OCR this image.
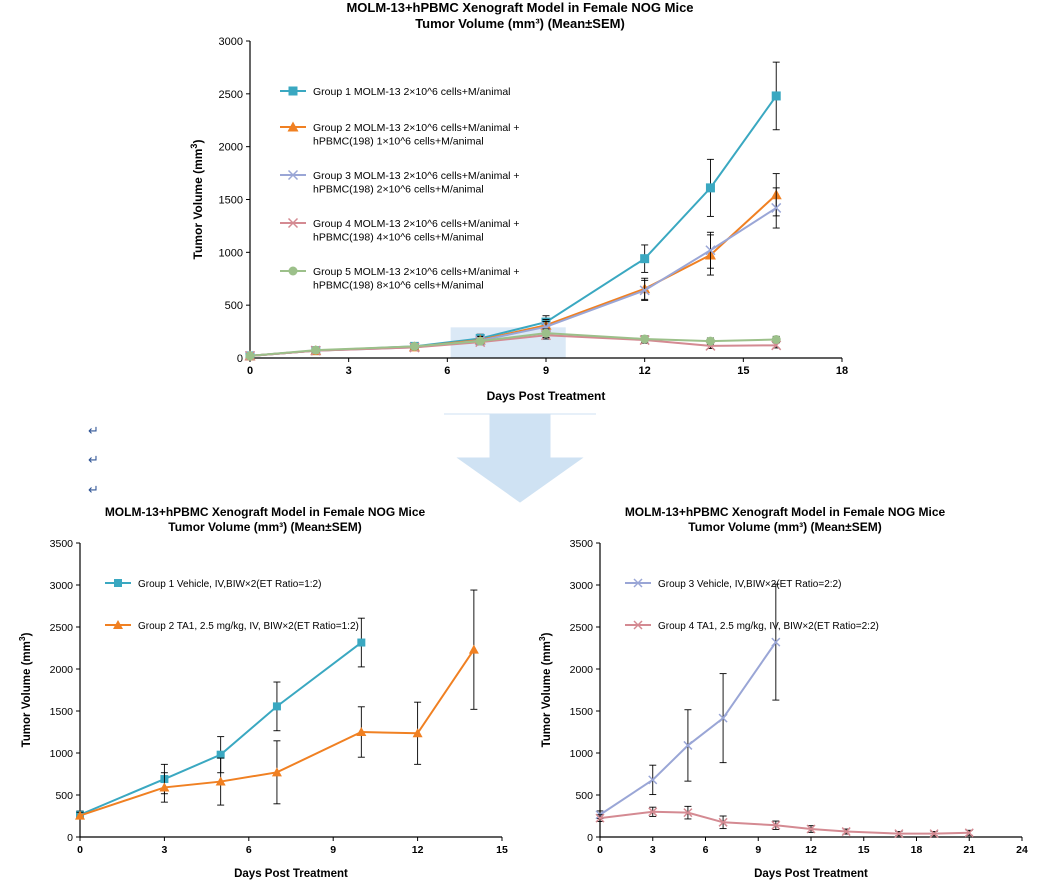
↵
↵
↵
MOLM-13+hPBMC Xenograft Model in Female NOG Mice
Tumor Volume (mm³) (Mean±SEM)
0
500
1000
1500
2000
2500
3000
0	3	6	9	12	15	18
Days Post Treatment
Tumor Volume $(mm^3)$
Group 1 MOLM-13 2×10^6 cells+M/animal
Group 2 MOLM-13 2×10^6 cells+M/animal + hPBMC(198) 1×10^6 cells+M/animal
Group 3 MOLM-13 2×10^6 cells+M/animal + hPBMC(198) 2×10^6 cells+M/animal
Group 4 MOLM-13 2×10^6 cells+M/animal + hPBMC(198) 4×10^6 cells+M/animal
Group 5 MOLM-13 2×10^6 cells+M/animal + hPBMC(198) 8×10^6 cells+M/animal
MOLM-13+hPBMC Xenograft Model in Female NOG Mice
Tumor Volume (mm³) (Mean±SEM)
0
500
1000
1500
2000
2500
3000
3500
0	3	6	9	12	15
Days Post Treatment
Tumor Volume $(mm^3)$
Group 1 Vehicle, IV,BIW×2(ET Ratio=1:2)
Group 2 TA1, 2.5 mg/kg, IV, BIW×2(ET Ratio=1:2)
MOLM-13+hPBMC Xenograft Model in Female NOG Mice
Tumor Volume (mm³) (Mean±SEM)
0
500
1000
1500
2000
2500
3000
3500
0	3	6	9	12	15	18	21	24
Days Post Treatment
Tumor Volume $(mm^3)$
Group 3 Vehicle, IV,BIW×2(ET Ratio=2:2)
Group 4 TA1, 2.5 mg/kg, IV, BIW×2(ET Ratio=2:2)
